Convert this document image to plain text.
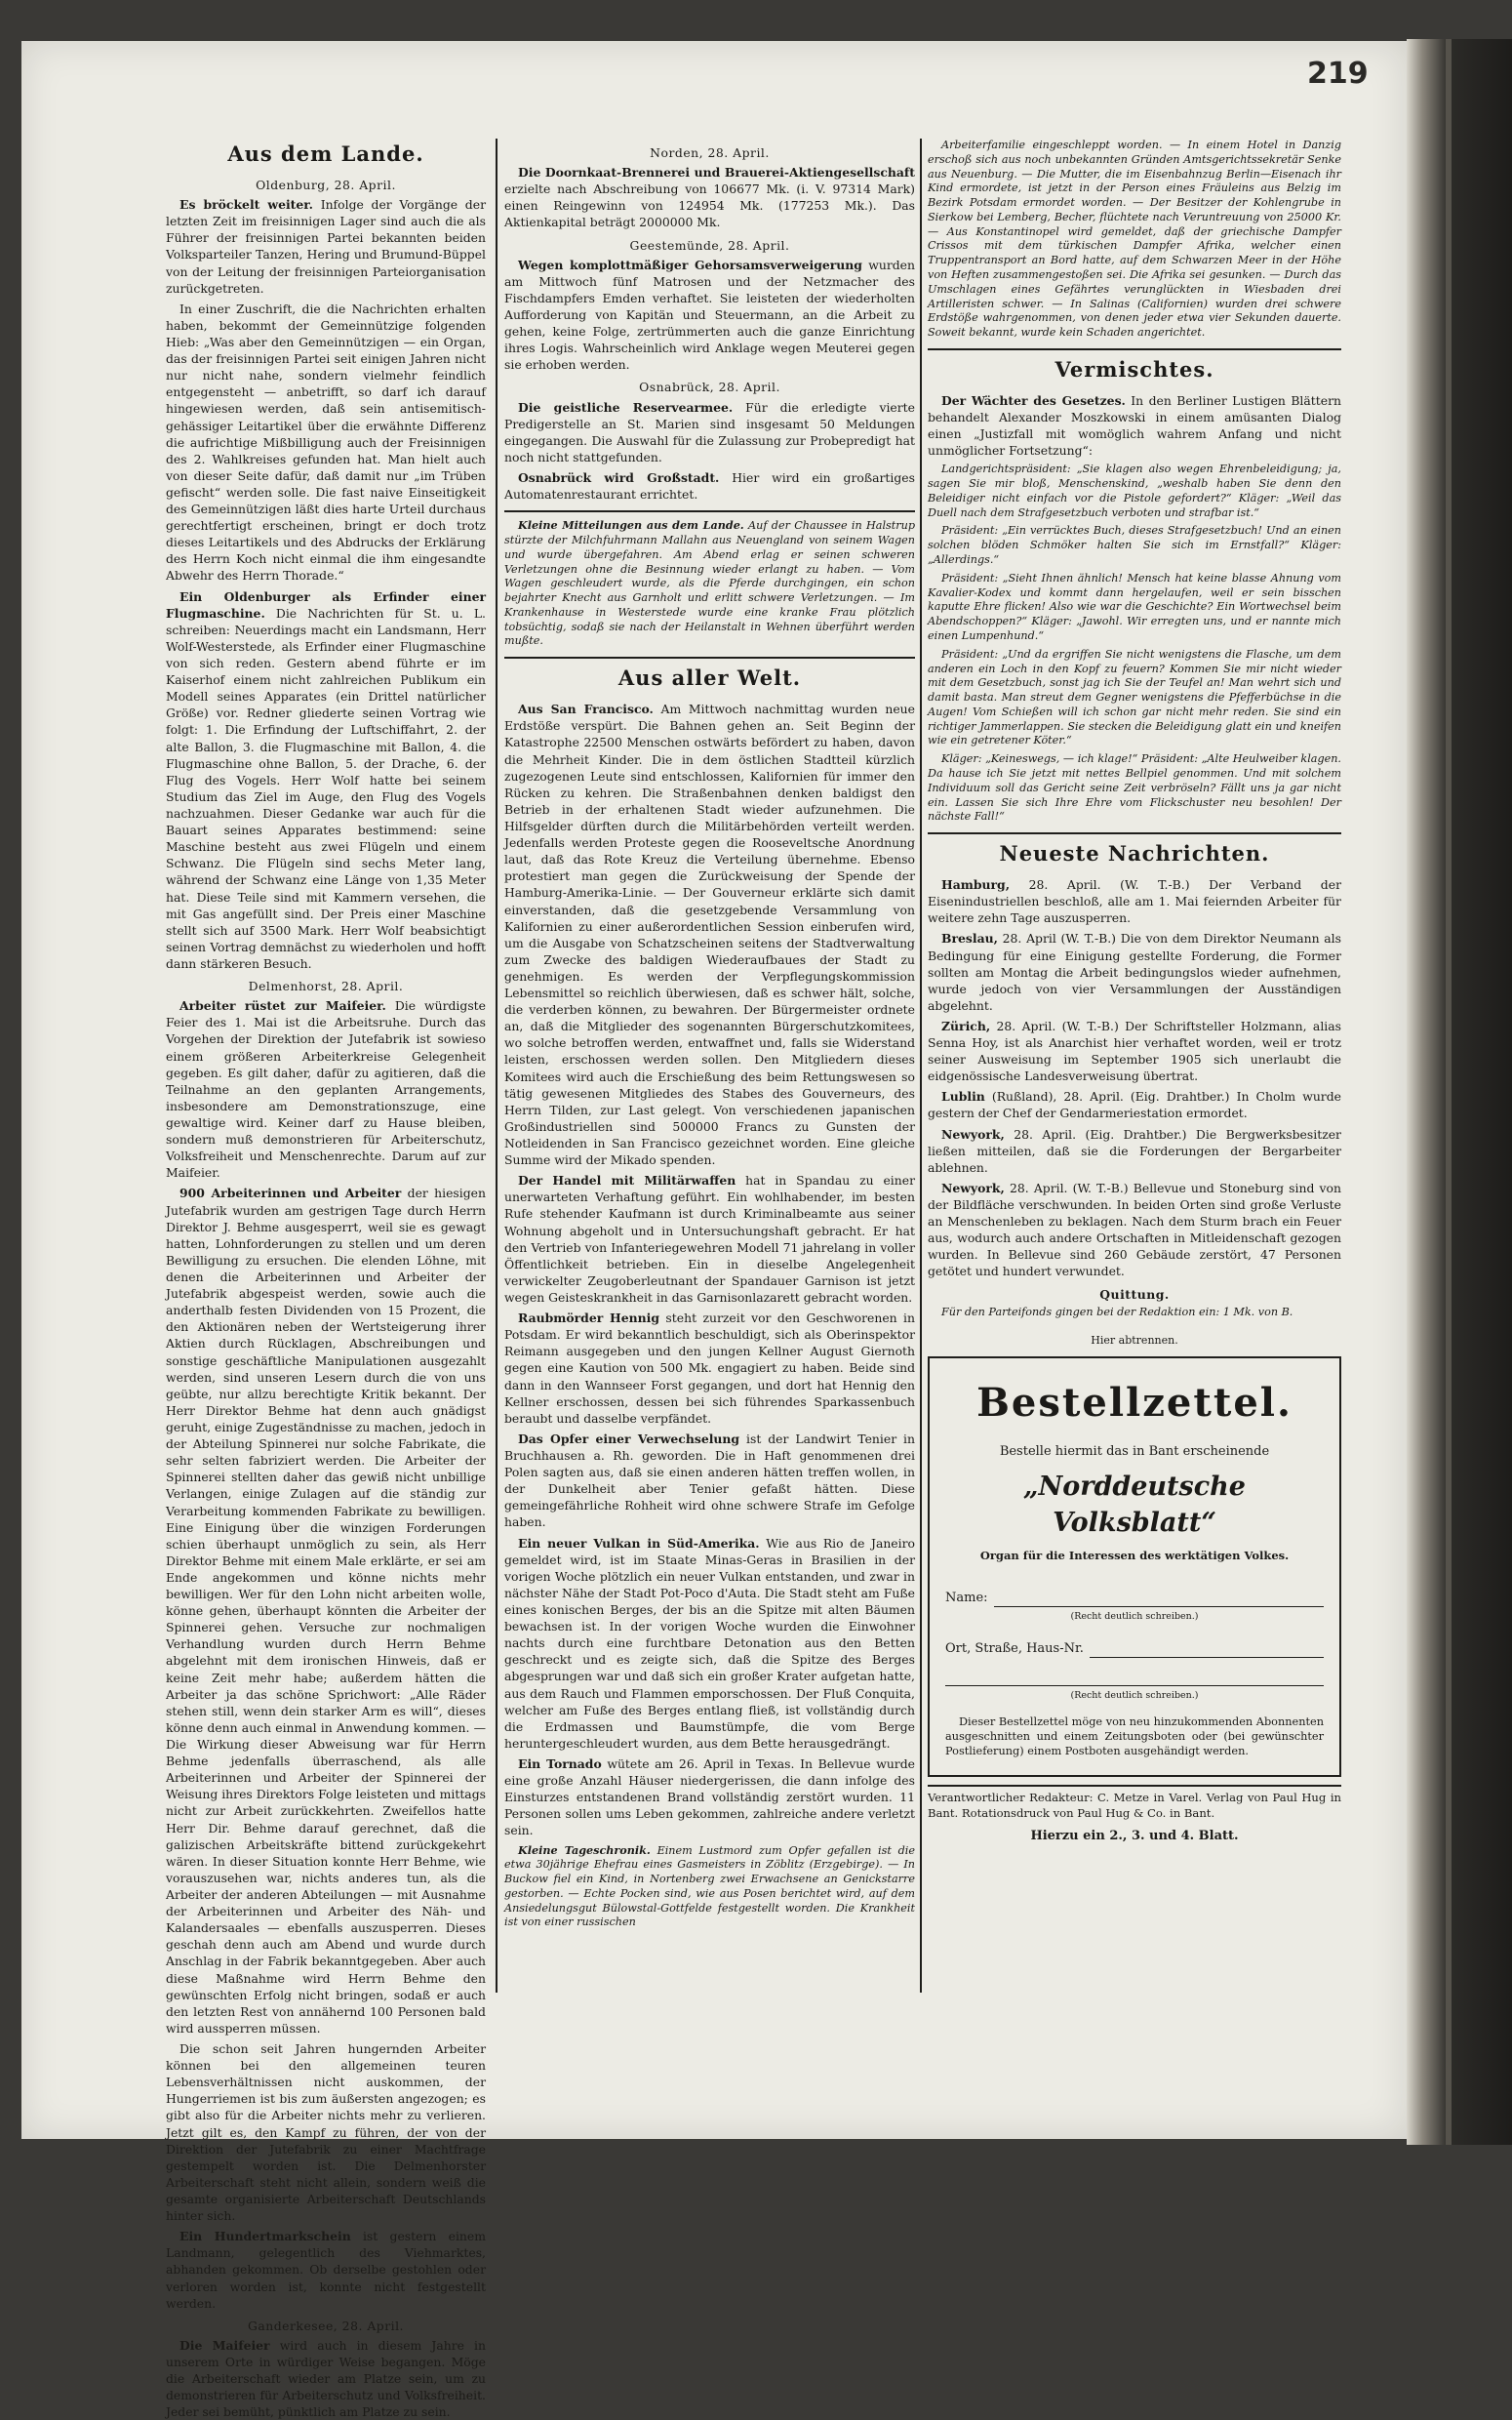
219
Aus dem Lande.
Oldenburg, 28. April.

Es bröckelt weiter. Infolge der Vorgänge der letzten Zeit im freisinnigen Lager sind auch die als Führer der freisinnigen Partei bekannten beiden Volksparteiler Tanzen, Hering und Brumund-Büppel von der Leitung der freisinnigen Parteiorganisation zurückgetreten.

In einer Zuschrift, die die Nachrichten erhalten haben, bekommt der Gemeinnützige folgenden Hieb: „Was aber den Gemeinnützigen — ein Organ, das der freisinnigen Partei seit einigen Jahren nicht nur nicht nahe, sondern vielmehr feindlich entgegensteht — anbetrifft, so darf ich darauf hingewiesen werden, daß sein antisemitisch-gehässiger Leitartikel über die erwähnte Differenz die aufrichtige Mißbilligung auch der Freisinnigen des 2. Wahlkreises gefunden hat. Man hielt auch von dieser Seite dafür, daß damit nur „im Trüben gefischt“ werden solle. Die fast naive Einseitigkeit des Gemeinnützigen läßt dies harte Urteil durchaus gerechtfertigt erscheinen, bringt er doch trotz dieses Leitartikels und des Abdrucks der Erklärung des Herrn Koch nicht einmal die ihm eingesandte Abwehr des Herrn Thorade.“

Ein Oldenburger als Erfinder einer Flugmaschine. Die Nachrichten für St. u. L. schreiben: Neuerdings macht ein Landsmann, Herr Wolf-Westerstede, als Erfinder einer Flugmaschine von sich reden. Gestern abend führte er im Kaiserhof einem nicht zahlreichen Publikum ein Modell seines Apparates (ein Drittel natürlicher Größe) vor. Redner gliederte seinen Vortrag wie folgt: 1. Die Erfindung der Luftschiffahrt, 2. der alte Ballon, 3. die Flugmaschine mit Ballon, 4. die Flugmaschine ohne Ballon, 5. der Drache, 6. der Flug des Vogels. Herr Wolf hatte bei seinem Studium das Ziel im Auge, den Flug des Vogels nachzuahmen. Dieser Gedanke war auch für die Bauart seines Apparates bestimmend: seine Maschine besteht aus zwei Flügeln und einem Schwanz. Die Flügeln sind sechs Meter lang, während der Schwanz eine Länge von 1,35 Meter hat. Diese Teile sind mit Kammern versehen, die mit Gas angefüllt sind. Der Preis einer Maschine stellt sich auf 3500 Mark. Herr Wolf beabsichtigt seinen Vortrag demnächst zu wiederholen und hofft dann stärkeren Besuch.

Delmenhorst, 28. April.

Arbeiter rüstet zur Maifeier. Die würdigste Feier des 1. Mai ist die Arbeitsruhe. Durch das Vorgehen der Direktion der Jutefabrik ist sowieso einem größeren Arbeiterkreise Gelegenheit gegeben. Es gilt daher, dafür zu agitieren, daß die Teilnahme an den geplanten Arrangements, insbesondere am Demonstrationszuge, eine gewaltige wird. Keiner darf zu Hause bleiben, sondern muß demonstrieren für Arbeiterschutz, Volksfreiheit und Menschenrechte. Darum auf zur Maifeier.

900 Arbeiterinnen und Arbeiter der hiesigen Jutefabrik wurden am gestrigen Tage durch Herrn Direktor J. Behme ausgesperrt, weil sie es gewagt hatten, Lohnforderungen zu stellen und um deren Bewilligung zu ersuchen. Die elenden Löhne, mit denen die Arbeiterinnen und Arbeiter der Jutefabrik abgespeist werden, sowie auch die anderthalb festen Dividenden von 15 Prozent, die den Aktionären neben der Wertsteigerung ihrer Aktien durch Rücklagen, Abschreibungen und sonstige geschäftliche Manipulationen ausgezahlt werden, sind unseren Lesern durch die von uns geübte, nur allzu berechtigte Kritik bekannt. Der Herr Direktor Behme hat denn auch gnädigst geruht, einige Zugeständnisse zu machen, jedoch in der Abteilung Spinnerei nur solche Fabrikate, die sehr selten fabriziert werden. Die Arbeiter der Spinnerei stellten daher das gewiß nicht unbillige Verlangen, einige Zulagen auf die ständig zur Verarbeitung kommenden Fabrikate zu bewilligen. Eine Einigung über die winzigen Forderungen schien überhaupt unmöglich zu sein, als Herr Direktor Behme mit einem Male erklärte, er sei am Ende angekommen und könne nichts mehr bewilligen. Wer für den Lohn nicht arbeiten wolle, könne gehen, überhaupt könnten die Arbeiter der Spinnerei gehen. Versuche zur nochmaligen Verhandlung wurden durch Herrn Behme abgelehnt mit dem ironischen Hinweis, daß er keine Zeit mehr habe; außerdem hätten die Arbeiter ja das schöne Sprichwort: „Alle Räder stehen still, wenn dein starker Arm es will“, dieses könne denn auch einmal in Anwendung kommen. — Die Wirkung dieser Abweisung war für Herrn Behme jedenfalls überraschend, als alle Arbeiterinnen und Arbeiter der Spinnerei der Weisung ihres Direktors Folge leisteten und mittags nicht zur Arbeit zurückkehrten. Zweifellos hatte Herr Dir. Behme darauf gerechnet, daß die galizischen Arbeitskräfte bittend zurückgekehrt wären. In dieser Situation konnte Herr Behme, wie vorauszusehen war, nichts anderes tun, als die Arbeiter der anderen Abteilungen — mit Ausnahme der Arbeiterinnen und Arbeiter des Näh- und Kalandersaales — ebenfalls auszusperren. Dieses geschah denn auch am Abend und wurde durch Anschlag in der Fabrik bekanntgegeben. Aber auch diese Maßnahme wird Herrn Behme den gewünschten Erfolg nicht bringen, sodaß er auch den letzten Rest von annähernd 100 Personen bald wird aussperren müssen.

Die schon seit Jahren hungernden Arbeiter können bei den allgemeinen teuren Lebensverhältnissen nicht auskommen, der Hungerriemen ist bis zum äußersten angezogen; es gibt also für die Arbeiter nichts mehr zu verlieren. Jetzt gilt es, den Kampf zu führen, der von der Direktion der Jutefabrik zu einer Machtfrage gestempelt worden ist. Die Delmenhorster Arbeiterschaft steht nicht allein, sondern weiß die gesamte organisierte Arbeiterschaft Deutschlands hinter sich.

Ein Hundertmarkschein ist gestern einem Landmann, gelegentlich des Viehmarktes, abhanden gekommen. Ob derselbe gestohlen oder verloren worden ist, konnte nicht festgestellt werden.

Ganderkesee, 28. April.

Die Maifeier wird auch in diesem Jahre in unserem Orte in würdiger Weise begangen. Möge die Arbeiterschaft wieder am Platze sein, um zu demonstrieren für Arbeiterschutz und Volksfreiheit. Jeder sei bemüht, pünktlich am Platze zu sein.

Norden, 28. April.

Die Doornkaat-Brennerei und Brauerei-Aktiengesellschaft erzielte nach Abschreibung von 106677 Mk. (i. V. 97314 Mark) einen Reingewinn von 124954 Mk. (177253 Mk.). Das Aktienkapital beträgt 2000000 Mk.

Geestemünde, 28. April.

Wegen komplottmäßiger Gehorsamsverweigerung wurden am Mittwoch fünf Matrosen und der Netzmacher des Fischdampfers Emden verhaftet. Sie leisteten der wiederholten Aufforderung von Kapitän und Steuermann, an die Arbeit zu gehen, keine Folge, zertrümmerten auch die ganze Einrichtung ihres Logis. Wahrscheinlich wird Anklage wegen Meuterei gegen sie erhoben werden.

Osnabrück, 28. April.

Die geistliche Reservearmee. Für die erledigte vierte Predigerstelle an St. Marien sind insgesamt 50 Meldungen eingegangen. Die Auswahl für die Zulassung zur Probepredigt hat noch nicht stattgefunden.

Osnabrück wird Großstadt. Hier wird ein großartiges Automatenrestaurant errichtet.

Kleine Mitteilungen aus dem Lande. Auf der Chaussee in Halstrup stürzte der Milchfuhrmann Mallahn aus Neuengland von seinem Wagen und wurde übergefahren. Am Abend erlag er seinen schweren Verletzungen ohne die Besinnung wieder erlangt zu haben. — Vom Wagen geschleudert wurde, als die Pferde durchgingen, ein schon bejahrter Knecht aus Garnholt und erlitt schwere Verletzungen. — Im Krankenhause in Westerstede wurde eine kranke Frau plötzlich tobsüchtig, sodaß sie nach der Heilanstalt in Wehnen überführt werden mußte.

Aus aller Welt.

Aus San Francisco. Am Mittwoch nachmittag wurden neue Erdstöße verspürt. Die Bahnen gehen an. Seit Beginn der Katastrophe 22500 Menschen ostwärts befördert zu haben, davon die Mehrheit Kinder. Die in dem östlichen Stadtteil kürzlich zugezogenen Leute sind entschlossen, Kalifornien für immer den Rücken zu kehren. Die Straßenbahnen denken baldigst den Betrieb in der erhaltenen Stadt wieder aufzunehmen. Die Hilfsgelder dürften durch die Militärbehörden verteilt werden. Jedenfalls werden Proteste gegen die Rooseveltsche Anordnung laut, daß das Rote Kreuz die Verteilung übernehme. Ebenso protestiert man gegen die Zurückweisung der Spende der Hamburg-Amerika-Linie. — Der Gouverneur erklärte sich damit einverstanden, daß die gesetzgebende Versammlung von Kalifornien zu einer außerordentlichen Session einberufen wird, um die Ausgabe von Schatzscheinen seitens der Stadtverwaltung zum Zwecke des baldigen Wiederaufbaues der Stadt zu genehmigen. Es werden der Verpflegungskommission Lebensmittel so reichlich überwiesen, daß es schwer hält, solche, die verderben können, zu bewahren. Der Bürgermeister ordnete an, daß die Mitglieder des sogenannten Bürgerschutzkomitees, wo solche betroffen werden, entwaffnet und, falls sie Widerstand leisten, erschossen werden sollen. Den Mitgliedern dieses Komitees wird auch die Erschießung des beim Rettungswesen so tätig gewesenen Mitgliedes des Stabes des Gouverneurs, des Herrn Tilden, zur Last gelegt. Von verschiedenen japanischen Großindustriellen sind 500000 Francs zu Gunsten der Notleidenden in San Francisco gezeichnet worden. Eine gleiche Summe wird der Mikado spenden.

Der Handel mit Militärwaffen hat in Spandau zu einer unerwarteten Verhaftung geführt. Ein wohlhabender, im besten Rufe stehender Kaufmann ist durch Kriminalbeamte aus seiner Wohnung abgeholt und in Untersuchungshaft gebracht. Er hat den Vertrieb von Infanteriegewehren Modell 71 jahrelang in voller Öffentlichkeit betrieben. Ein in dieselbe Angelegenheit verwickelter Zeugoberleutnant der Spandauer Garnison ist jetzt wegen Geisteskrankheit in das Garnisonlazarett gebracht worden.

Raubmörder Hennig steht zurzeit vor den Geschworenen in Potsdam. Er wird bekanntlich beschuldigt, sich als Oberinspektor Reimann ausgegeben und den jungen Kellner August Giernoth gegen eine Kaution von 500 Mk. engagiert zu haben. Beide sind dann in den Wannseer Forst gegangen, und dort hat Hennig den Kellner erschossen, dessen bei sich führendes Sparkassenbuch beraubt und dasselbe verpfändet.

Das Opfer einer Verwechselung ist der Landwirt Tenier in Bruchhausen a. Rh. geworden. Die in Haft genommenen drei Polen sagten aus, daß sie einen anderen hätten treffen wollen, in der Dunkelheit aber Tenier gefaßt hätten. Diese gemeingefährliche Rohheit wird ohne schwere Strafe im Gefolge haben.

Ein neuer Vulkan in Süd-Amerika. Wie aus Rio de Janeiro gemeldet wird, ist im Staate Minas-Geras in Brasilien in der vorigen Woche plötzlich ein neuer Vulkan entstanden, und zwar in nächster Nähe der Stadt Pot-Poco d'Auta. Die Stadt steht am Fuße eines konischen Berges, der bis an die Spitze mit alten Bäumen bewachsen ist. In der vorigen Woche wurden die Einwohner nachts durch eine furchtbare Detonation aus den Betten geschreckt und es zeigte sich, daß die Spitze des Berges abgesprungen war und daß sich ein großer Krater aufgetan hatte, aus dem Rauch und Flammen emporschossen. Der Fluß Conquita, welcher am Fuße des Berges entlang fließ, ist vollständig durch die Erdmassen und Baumstümpfe, die vom Berge heruntergeschleudert wurden, aus dem Bette herausgedrängt.

Ein Tornado wütete am 26. April in Texas. In Bellevue wurde eine große Anzahl Häuser niedergerissen, die dann infolge des Einsturzes entstandenen Brand vollständig zerstört wurden. 11 Personen sollen ums Leben gekommen, zahlreiche andere verletzt sein.

Kleine Tageschronik. Einem Lustmord zum Opfer gefallen ist die etwa 30jährige Ehefrau eines Gasmeisters in Zöblitz (Erzgebirge). — In Buckow fiel ein Kind, in Nortenberg zwei Erwachsene an Genickstarre gestorben. — Echte Pocken sind, wie aus Posen berichtet wird, auf dem Ansiedelungsgut Bülowstal-Gottfelde festgestellt worden. Die Krankheit ist von einer russischen

Arbeiterfamilie eingeschleppt worden. — In einem Hotel in Danzig erschoß sich aus noch unbekannten Gründen Amtsgerichtssekretär Senke aus Neuenburg. — Die Mutter, die im Eisenbahnzug Berlin—Eisenach ihr Kind ermordete, ist jetzt in der Person eines Fräuleins aus Belzig im Bezirk Potsdam ermordet worden. — Der Besitzer der Kohlengrube in Sierkow bei Lemberg, Becher, flüchtete nach Veruntreuung von 25000 Kr. — Aus Konstantinopel wird gemeldet, daß der griechische Dampfer Crissos mit dem türkischen Dampfer Afrika, welcher einen Truppentransport an Bord hatte, auf dem Schwarzen Meer in der Höhe von Heften zusammengestoßen sei. Die Afrika sei gesunken. — Durch das Umschlagen eines Gefährtes verunglückten in Wiesbaden drei Artilleristen schwer. — In Salinas (Californien) wurden drei schwere Erdstöße wahrgenommen, von denen jeder etwa vier Sekunden dauerte. Soweit bekannt, wurde kein Schaden angerichtet.

Vermischtes.

Der Wächter des Gesetzes. In den Berliner Lustigen Blättern behandelt Alexander Moszkowski in einem amüsanten Dialog einen „Justizfall mit womöglich wahrem Anfang und nicht unmöglicher Fortsetzung“:

Landgerichtspräsident: „Sie klagen also wegen Ehrenbeleidigung; ja, sagen Sie mir bloß, Menschenskind, „weshalb haben Sie denn den Beleidiger nicht einfach vor die Pistole gefordert?“ Kläger: „Weil das Duell nach dem Strafgesetzbuch verboten und strafbar ist.“

Präsident: „Ein verrücktes Buch, dieses Strafgesetzbuch! Und an einen solchen blöden Schmöker halten Sie sich im Ernstfall?“ Kläger: „Allerdings.“

Präsident: „Sieht Ihnen ähnlich! Mensch hat keine blasse Ahnung vom Kavalier-Kodex und kommt dann hergelaufen, weil er sein bisschen kaputte Ehre flicken! Also wie war die Geschichte? Ein Wortwechsel beim Abendschoppen?“ Kläger: „Jawohl. Wir erregten uns, und er nannte mich einen Lumpenhund.“

Präsident: „Und da ergriffen Sie nicht wenigstens die Flasche, um dem anderen ein Loch in den Kopf zu feuern? Kommen Sie mir nicht wieder mit dem Gesetzbuch, sonst jag ich Sie der Teufel an! Man wehrt sich und damit basta. Man streut dem Gegner wenigstens die Pfefferbüchse in die Augen! Vom Schießen will ich schon gar nicht mehr reden. Sie sind ein richtiger Jammerlappen. Sie stecken die Beleidigung glatt ein und kneifen wie ein getretener Köter.“

Kläger: „Keineswegs, — ich klage!“ Präsident: „Alte Heulweiber klagen. Da hause ich Sie jetzt mit nettes Bellpiel genommen. Und mit solchem Individuum soll das Gericht seine Zeit verbröseln? Fällt uns ja gar nicht ein. Lassen Sie sich Ihre Ehre vom Flickschuster neu besohlen! Der nächste Fall!“

Neueste Nachrichten.

Hamburg, 28. April. (W. T.-B.) Der Verband der Eisenindustriellen beschloß, alle am 1. Mai feiernden Arbeiter für weitere zehn Tage auszusperren.

Breslau, 28. April (W. T.-B.) Die von dem Direktor Neumann als Bedingung für eine Einigung gestellte Forderung, die Former sollten am Montag die Arbeit bedingungslos wieder aufnehmen, wurde jedoch von vier Versammlungen der Ausständigen abgelehnt.

Zürich, 28. April. (W. T.-B.) Der Schriftsteller Holzmann, alias Senna Hoy, ist als Anarchist hier verhaftet worden, weil er trotz seiner Ausweisung im September 1905 sich unerlaubt die eidgenössische Landesverweisung übertrat.

Lublin (Rußland), 28. April. (Eig. Drahtber.) In Cholm wurde gestern der Chef der Gendarmeriestation ermordet.

Newyork, 28. April. (Eig. Drahtber.) Die Bergwerksbesitzer ließen mitteilen, daß sie die Forderungen der Bergarbeiter ablehnen.

Newyork, 28. April. (W. T.-B.) Bellevue und Stoneburg sind von der Bildfläche verschwunden. In beiden Orten sind große Verluste an Menschenleben zu beklagen. Nach dem Sturm brach ein Feuer aus, wodurch auch andere Ortschaften in Mitleidenschaft gezogen wurden. In Bellevue sind 260 Gebäude zerstört, 47 Personen getötet und hundert verwundet.

Quittung.

Für den Parteifonds gingen bei der Redaktion ein: 1 Mk. von B.

Hier abtrennen.
Bestellzettel.
Bestelle hiermit das in Bant erscheinende
„Norddeutsche Volksblatt“
Organ für die Interessen des werktätigen Volkes.
Name:
(Recht deutlich schreiben.)
Ort, Straße, Haus-Nr.
(Recht deutlich schreiben.)

Dieser Bestellzettel möge von neu hinzukommenden Abonnenten ausgeschnitten und einem Zeitungsboten oder (bei gewünschter Postlieferung) einem Postboten ausgehändigt werden.

Verantwortlicher Redakteur: C. Metze in Varel. Verlag von Paul Hug in Bant. Rotationsdruck von Paul Hug & Co. in Bant.
Hierzu ein 2., 3. und 4. Blatt.
